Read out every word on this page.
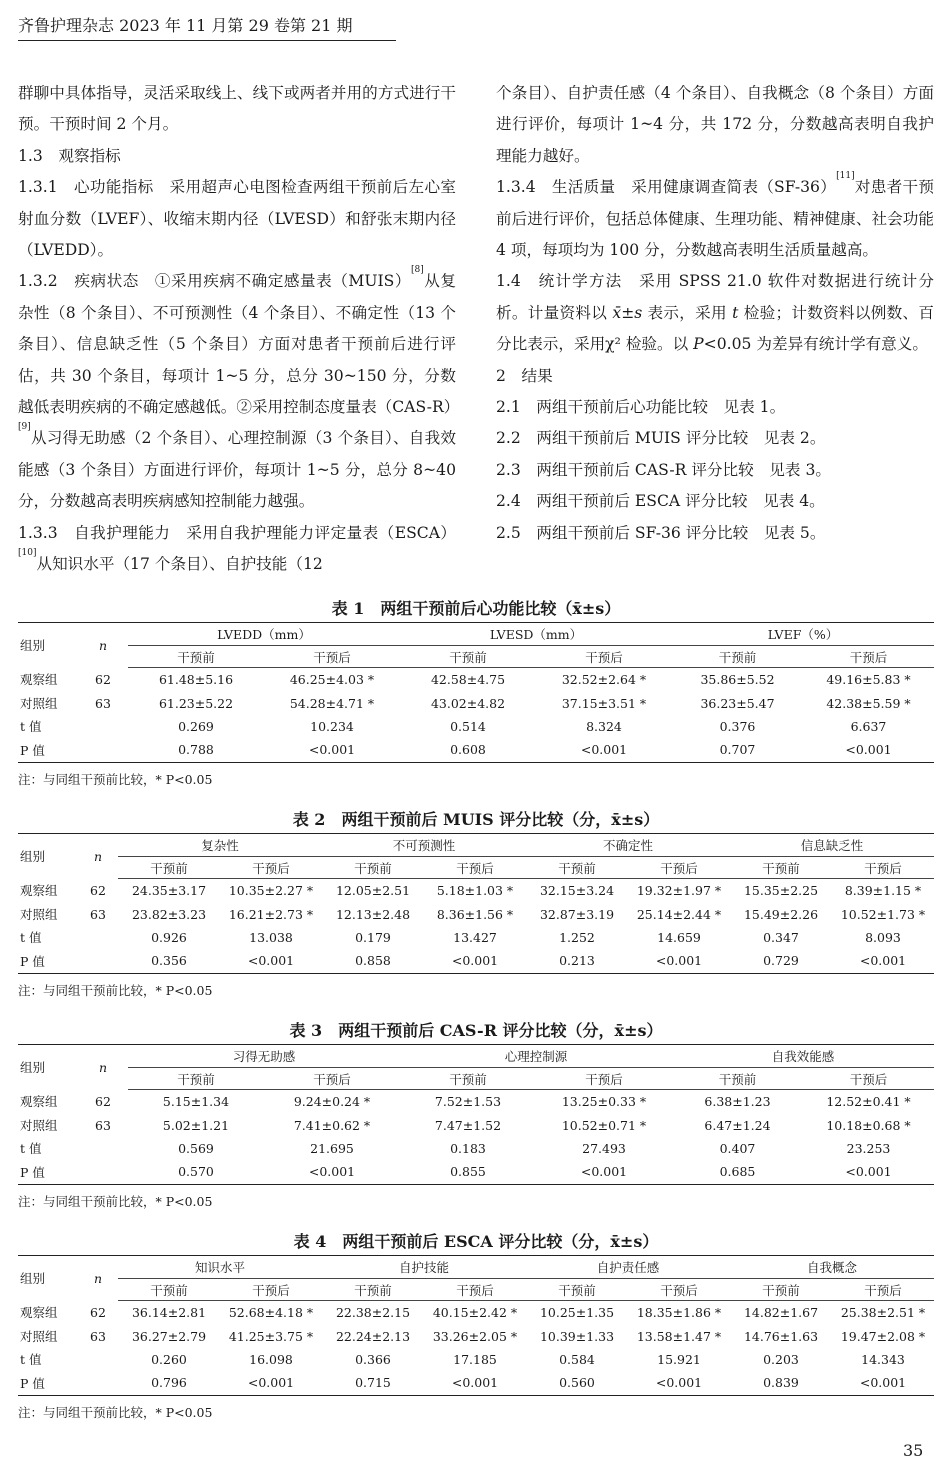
齐鲁护理杂志 2023 年 11 月第 29 卷第 21 期

群聊中具体指导，灵活采取线上、线下或两者并用的方式进行干预。干预时间 2 个月。

1.3　观察指标

1.3.1　心功能指标　采用超声心电图检查两组干预前后左心室射血分数（LVEF）、收缩末期内径（LVESD）和舒张末期内径（LVEDD）。

1.3.2　疾病状态　①采用疾病不确定感量表（MUIS）[8]从复杂性（8 个条目）、不可预测性（4 个条目）、不确定性（13 个条目）、信息缺乏性（5 个条目）方面对患者干预前后进行评估，共 30 个条目，每项计 1~5 分，总分 30~150 分，分数越低表明疾病的不确定感越低。②采用控制态度量表（CAS-R）[9]从习得无助感（2 个条目）、心理控制源（3 个条目）、自我效能感（3 个条目）方面进行评价，每项计 1~5 分，总分 8~40 分，分数越高表明疾病感知控制能力越强。

1.3.3　自我护理能力　采用自我护理能力评定量表（ESCA）[10]从知识水平（17 个条目）、自护技能（12

个条目）、自护责任感（4 个条目）、自我概念（8 个条目）方面进行评价，每项计 1~4 分，共 172 分，分数越高表明自我护理能力越好。

1.3.4　生活质量　采用健康调查简表（SF-36）[11]对患者干预前后进行评价，包括总体健康、生理功能、精神健康、社会功能 4 项，每项均为 100 分，分数越高表明生活质量越高。

1.4　统计学方法　采用 SPSS 21.0 软件对数据进行统计分析。计量资料以 x̄±s 表示，采用 t 检验；计数资料以例数、百分比表示，采用χ² 检验。以 P<0.05 为差异有统计学有意义。

2　结果

2.1　两组干预前后心功能比较　见表 1。

2.2　两组干预前后 MUIS 评分比较　见表 2。

2.3　两组干预前后 CAS-R 评分比较　见表 3。

2.4　两组干预前后 ESCA 评分比较　见表 4。

2.5　两组干预前后 SF-36 评分比较　见表 5。

表 1　两组干预前后心功能比较（x̄±s）
组别	n	LVEDD（mm）		LVESD（mm）		LVEF（%）	
		干预前	干预后	干预前	干预后	干预前	干预后
观察组	62	61.48±5.16	46.25±4.03 *	42.58±4.75	32.52±2.64 *	35.86±5.52	49.16±5.83 *
对照组	63	61.23±5.22	54.28±4.71 *	43.02±4.82	37.15±3.51 *	36.23±5.47	42.38±5.59 *
t 值		0.269	10.234	0.514	8.324	0.376	6.637
P 值		0.788	<0.001	0.608	<0.001	0.707	<0.001
注：与同组干预前比较，* P<0.05
表 2　两组干预前后 MUIS 评分比较（分，x̄±s）
组别	n	复杂性		不可预测性		不确定性		信息缺乏性	
		干预前	干预后	干预前	干预后	干预前	干预后	干预前	干预后
观察组	62	24.35±3.17	10.35±2.27 *	12.05±2.51	5.18±1.03 *	32.15±3.24	19.32±1.97 *	15.35±2.25	8.39±1.15 *
对照组	63	23.82±3.23	16.21±2.73 *	12.13±2.48	8.36±1.56 *	32.87±3.19	25.14±2.44 *	15.49±2.26	10.52±1.73 *
t 值		0.926	13.038	0.179	13.427	1.252	14.659	0.347	8.093
P 值		0.356	<0.001	0.858	<0.001	0.213	<0.001	0.729	<0.001
注：与同组干预前比较，* P<0.05
表 3　两组干预前后 CAS-R 评分比较（分，x̄±s）
组别	n	习得无助感		心理控制源		自我效能感	
		干预前	干预后	干预前	干预后	干预前	干预后
观察组	62	5.15±1.34	9.24±0.24 *	7.52±1.53	13.25±0.33 *	6.38±1.23	12.52±0.41 *
对照组	63	5.02±1.21	7.41±0.62 *	7.47±1.52	10.52±0.71 *	6.47±1.24	10.18±0.68 *
t 值		0.569	21.695	0.183	27.493	0.407	23.253
P 值		0.570	<0.001	0.855	<0.001	0.685	<0.001
注：与同组干预前比较，* P<0.05
表 4　两组干预前后 ESCA 评分比较（分，x̄±s）
组别	n	知识水平		自护技能		自护责任感		自我概念	
		干预前	干预后	干预前	干预后	干预前	干预后	干预前	干预后
观察组	62	36.14±2.81	52.68±4.18 *	22.38±2.15	40.15±2.42 *	10.25±1.35	18.35±1.86 *	14.82±1.67	25.38±2.51 *
对照组	63	36.27±2.79	41.25±3.75 *	22.24±2.13	33.26±2.05 *	10.39±1.33	13.58±1.47 *	14.76±1.63	19.47±2.08 *
t 值		0.260	16.098	0.366	17.185	0.584	15.921	0.203	14.343
P 值		0.796	<0.001	0.715	<0.001	0.560	<0.001	0.839	<0.001
注：与同组干预前比较，* P<0.05
35
